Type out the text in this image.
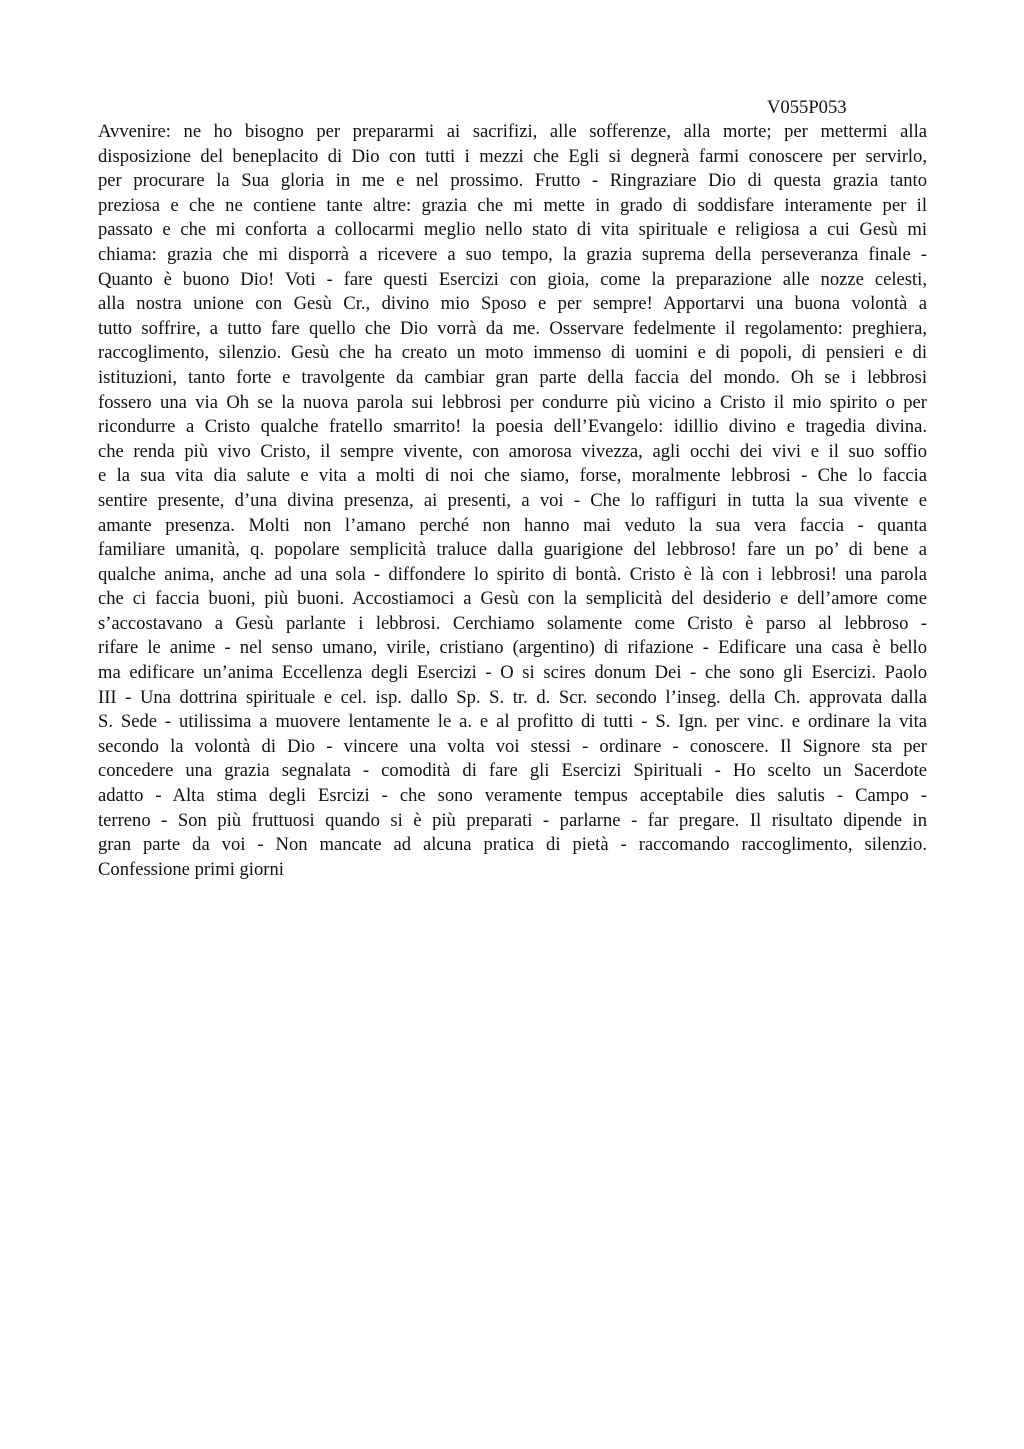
V055P053

Avvenire: ne ho bisogno per prepararmi ai sacrifizi, alle sofferenze, alla morte; per mettermi alla
disposizione del beneplacito di Dio con tutti i mezzi che Egli si degnerà farmi conoscere per servirlo,
per procurare la Sua gloria in me e nel prossimo. Frutto - Ringraziare Dio di questa grazia tanto
preziosa e che ne contiene tante altre: grazia che mi mette in grado di soddisfare interamente per il
passato e che mi conforta a collocarmi meglio nello stato di vita spirituale e religiosa a cui Gesù mi
chiama: grazia che mi disporrà a ricevere a suo tempo, la grazia suprema della perseveranza finale -
Quanto è buono Dio! Voti - fare questi Esercizi con gioia, come la preparazione alle nozze celesti,
alla nostra unione con Gesù Cr., divino mio Sposo e per sempre! Apportarvi una buona volontà a
tutto soffrire, a tutto fare quello che Dio vorrà da me. Osservare fedelmente il regolamento: preghiera,
raccoglimento, silenzio. Gesù che ha creato un moto immenso di uomini e di popoli, di pensieri e di
istituzioni, tanto forte e travolgente da cambiar gran parte della faccia del mondo. Oh se i lebbrosi
fossero una via Oh se la nuova parola sui lebbrosi per condurre più vicino a Cristo il mio spirito o per
ricondurre a Cristo qualche fratello smarrito! la poesia dell’Evangelo: idillio divino e tragedia divina.
che renda più vivo Cristo, il sempre vivente, con amorosa vivezza, agli occhi dei vivi e il suo soffio
e la sua vita dia salute e vita a molti di noi che siamo, forse, moralmente lebbrosi - Che lo faccia
sentire presente, d’una divina presenza, ai presenti, a voi - Che lo raffiguri in tutta la sua vivente e
amante presenza. Molti non l’amano perché non hanno mai veduto la sua vera faccia - quanta
familiare umanità, q. popolare semplicità traluce dalla guarigione del lebbroso! fare un po’ di bene a
qualche anima, anche ad una sola - diffondere lo spirito di bontà. Cristo è là con i lebbrosi! una parola
che ci faccia buoni, più buoni. Accostiamoci a Gesù con la semplicità del desiderio e dell’amore come
s’accostavano a Gesù parlante i lebbrosi. Cerchiamo solamente come Cristo è parso al lebbroso -
rifare le anime - nel senso umano, virile, cristiano (argentino) di rifazione - Edificare una casa è bello
ma edificare un’anima Eccellenza degli Esercizi - O si scires donum Dei - che sono gli Esercizi. Paolo
III - Una dottrina spirituale e cel. isp. dallo Sp. S. tr. d. Scr. secondo l’inseg. della Ch. approvata dalla
S. Sede - utilissima a muovere lentamente le a. e al profitto di tutti - S. Ign. per vinc. e ordinare la vita
secondo la volontà di Dio - vincere una volta voi stessi - ordinare - conoscere. Il Signore sta per
concedere una grazia segnalata - comodità di fare gli Esercizi Spirituali - Ho scelto un Sacerdote
adatto - Alta stima degli Esrcizi - che sono veramente tempus acceptabile dies salutis - Campo -
terreno - Son più fruttuosi quando si è più preparati - parlarne - far pregare. Il risultato dipende in
gran parte da voi - Non mancate ad alcuna pratica di pietà - raccomando raccoglimento, silenzio.
Confessione primi giorni
